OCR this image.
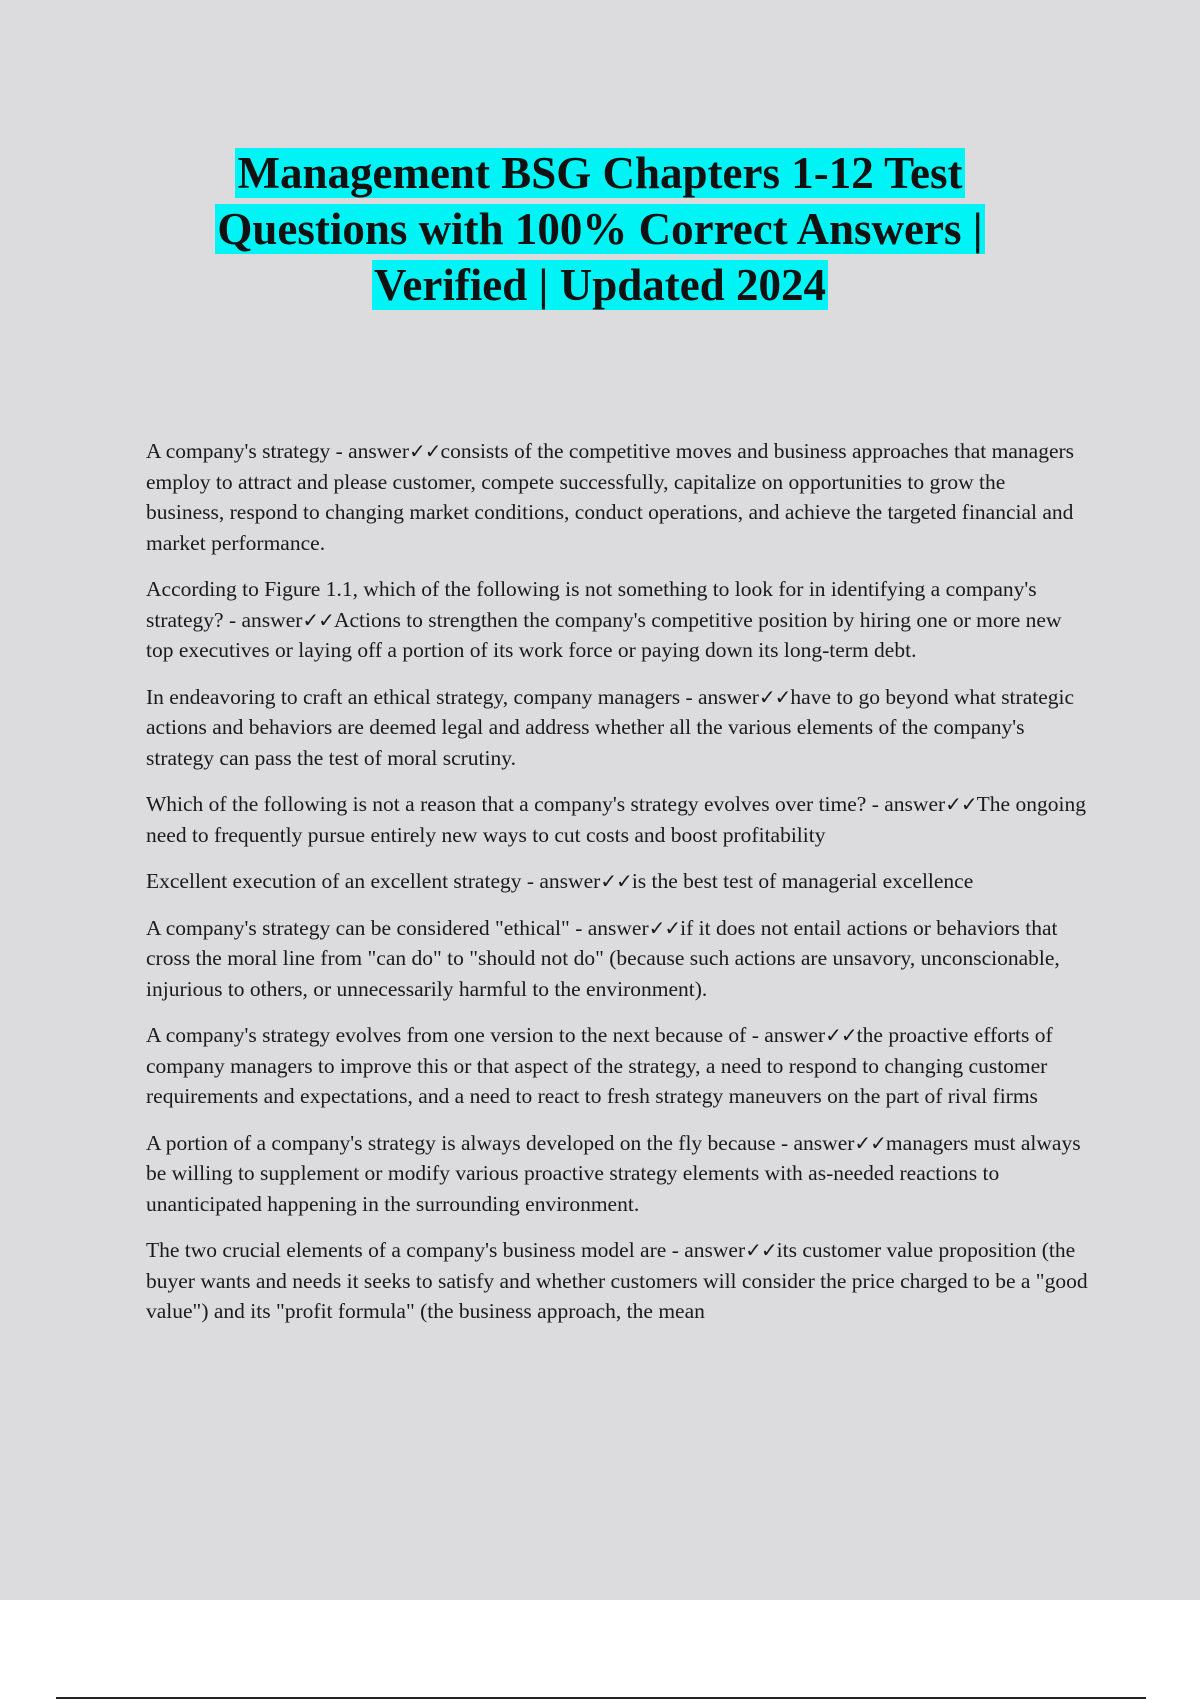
Management BSG Chapters 1-12 Test
Questions with 100% Correct Answers |
Verified | Updated 2024

A company's strategy - answer✓✓consists of the competitive moves and business approaches that managers employ to attract and please customer, compete successfully, capitalize on opportunities to grow the business, respond to changing market conditions, conduct operations, and achieve the targeted financial and market performance.

According to Figure 1.1, which of the following is not something to look for in identifying a company's strategy? - answer✓✓Actions to strengthen the company's competitive position by hiring one or more new top executives or laying off a portion of its work force or paying down its long-term debt.

In endeavoring to craft an ethical strategy, company managers - answer✓✓have to go beyond what strategic actions and behaviors are deemed legal and address whether all the various elements of the company's strategy can pass the test of moral scrutiny.

Which of the following is not a reason that a company's strategy evolves over time? - answer✓✓The ongoing need to frequently pursue entirely new ways to cut costs and boost profitability

Excellent execution of an excellent strategy - answer✓✓is the best test of managerial excellence

A company's strategy can be considered "ethical" - answer✓✓if it does not entail actions or behaviors that cross the moral line from "can do" to "should not do" (because such actions are unsavory, unconscionable, injurious to others, or unnecessarily harmful to the environment).

A company's strategy evolves from one version to the next because of - answer✓✓the proactive efforts of company managers to improve this or that aspect of the strategy, a need to respond to changing customer requirements and expectations, and a need to react to fresh strategy maneuvers on the part of rival firms

A portion of a company's strategy is always developed on the fly because - answer✓✓managers must always be willing to supplement or modify various proactive strategy elements with as-needed reactions to unanticipated happening in the surrounding environment.

The two crucial elements of a company's business model are - answer✓✓its customer value proposition (the buyer wants and needs it seeks to satisfy and whether customers will consider the price charged to be a "good value") and its "profit formula" (the business approach, the mean
